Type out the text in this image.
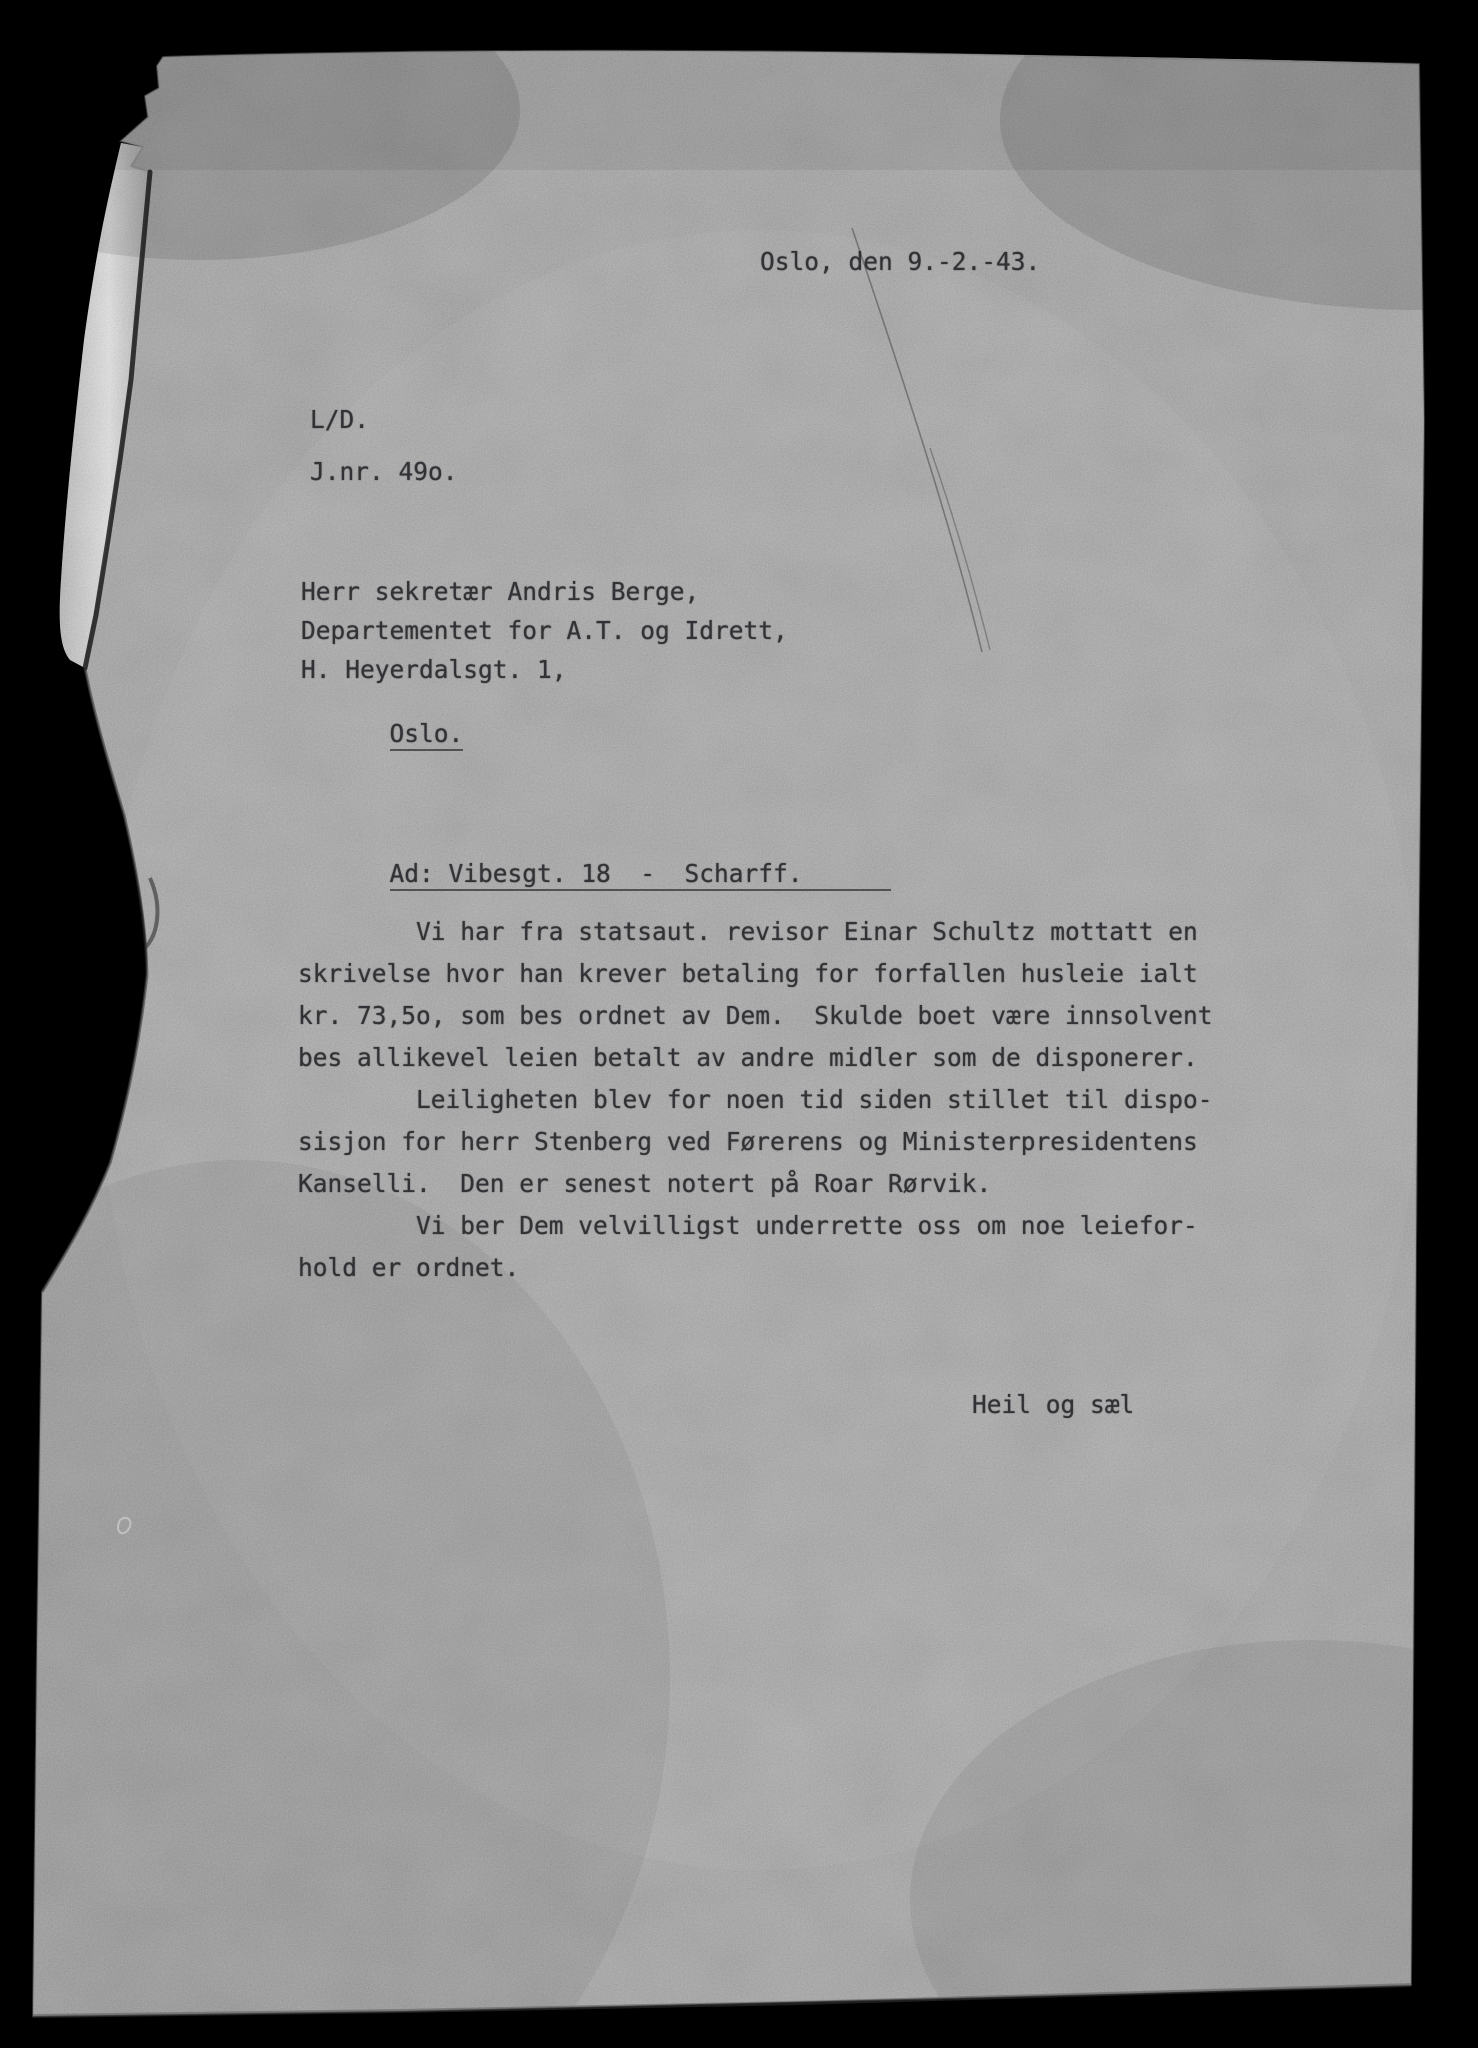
Oslo, den 9.-2.-43.
L/D.
J.nr. 49o.
Herr sekretær Andris Berge,
Departementet for A.T. og Idrett,
H. Heyerdalsgt. 1,

Oslo.

Ad: Vibesgt. 18  -  Scharff.

Vi har fra statsaut. revisor Einar Schultz mottatt en
skrivelse hvor han krever betaling for forfallen husleie ialt
kr. 73,5o, som bes ordnet av Dem.  Skulde boet være innsolvent
bes allikevel leien betalt av andre midler som de disponerer.
Leiligheten blev for noen tid siden stillet til dispo-
sisjon for herr Stenberg ved Førerens og Ministerpresidentens
Kanselli.  Den er senest notert på Roar Rørvik.
Vi ber Dem velvilligst underrette oss om noe leiefor-
hold er ordnet.
Heil og sæl
